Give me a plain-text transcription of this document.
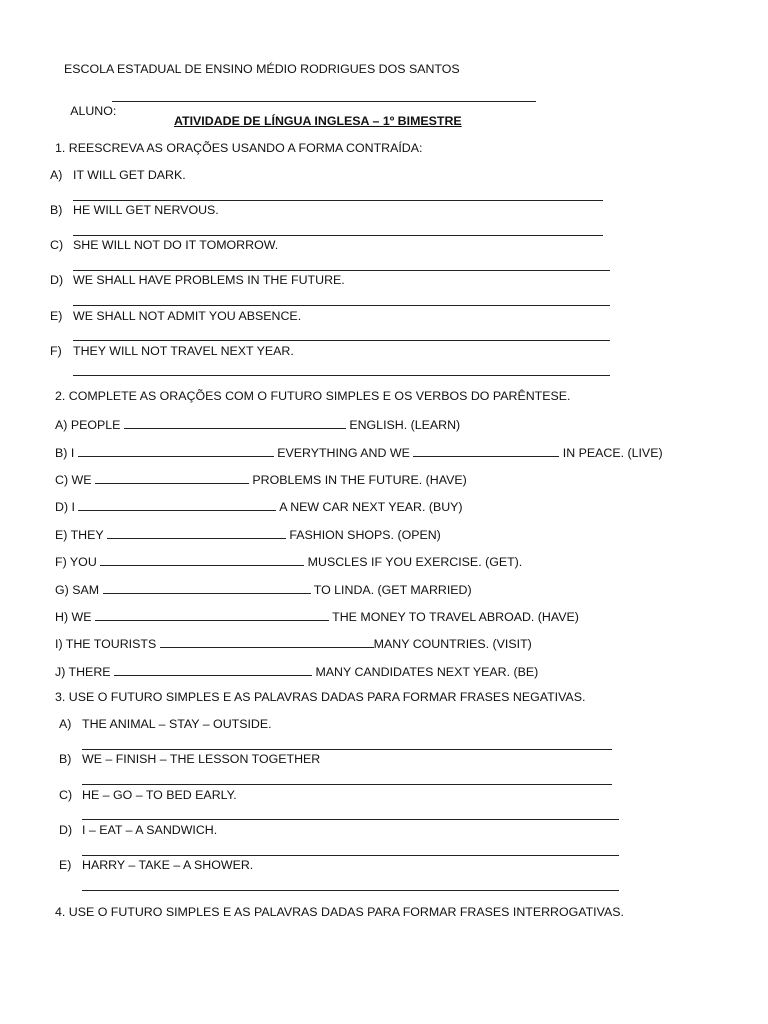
ESCOLA ESTADUAL DE ENSINO MÉDIO RODRIGUES DOS SANTOS

ALUNO:

ATIVIDADE DE LÍNGUA INGLESA – 1º BIMESTRE
1. REESCREVA AS ORAÇÕES USANDO A FORMA CONTRAÍDA:
A) IT WILL GET DARK.
B) HE WILL GET NERVOUS.
C) SHE WILL NOT DO IT TOMORROW.
D) WE SHALL HAVE PROBLEMS IN THE FUTURE.
E) WE SHALL NOT ADMIT YOU ABSENCE.
F) THEY WILL NOT TRAVEL NEXT YEAR.
2. COMPLETE AS ORAÇÕES COM O FUTURO SIMPLES E OS VERBOS DO PARÊNTESE.
A) PEOPLE	ENGLISH. (LEARN)
B) I	EVERYTHING AND WE	IN PEACE. (LIVE)
C) WE	PROBLEMS IN THE FUTURE. (HAVE)
D) I	A NEW CAR NEXT YEAR. (BUY)
E) THEY	FASHION SHOPS. (OPEN)
F) YOU	MUSCLES IF YOU EXERCISE. (GET).
G) SAM	TO LINDA. (GET MARRIED)
H) WE	THE MONEY TO TRAVEL ABROAD. (HAVE)
I) THE TOURISTS	MANY COUNTRIES. (VISIT)
J) THERE	MANY CANDIDATES NEXT YEAR. (BE)
3. USE O FUTURO SIMPLES E AS PALAVRAS DADAS PARA FORMAR FRASES NEGATIVAS.
A) THE ANIMAL – STAY – OUTSIDE.
B) WE – FINISH – THE LESSON TOGETHER
C) HE – GO – TO BED EARLY.
D) I – EAT – A SANDWICH.
E) HARRY – TAKE – A SHOWER.
4. USE O FUTURO SIMPLES E AS PALAVRAS DADAS PARA FORMAR FRASES INTERROGATIVAS.
